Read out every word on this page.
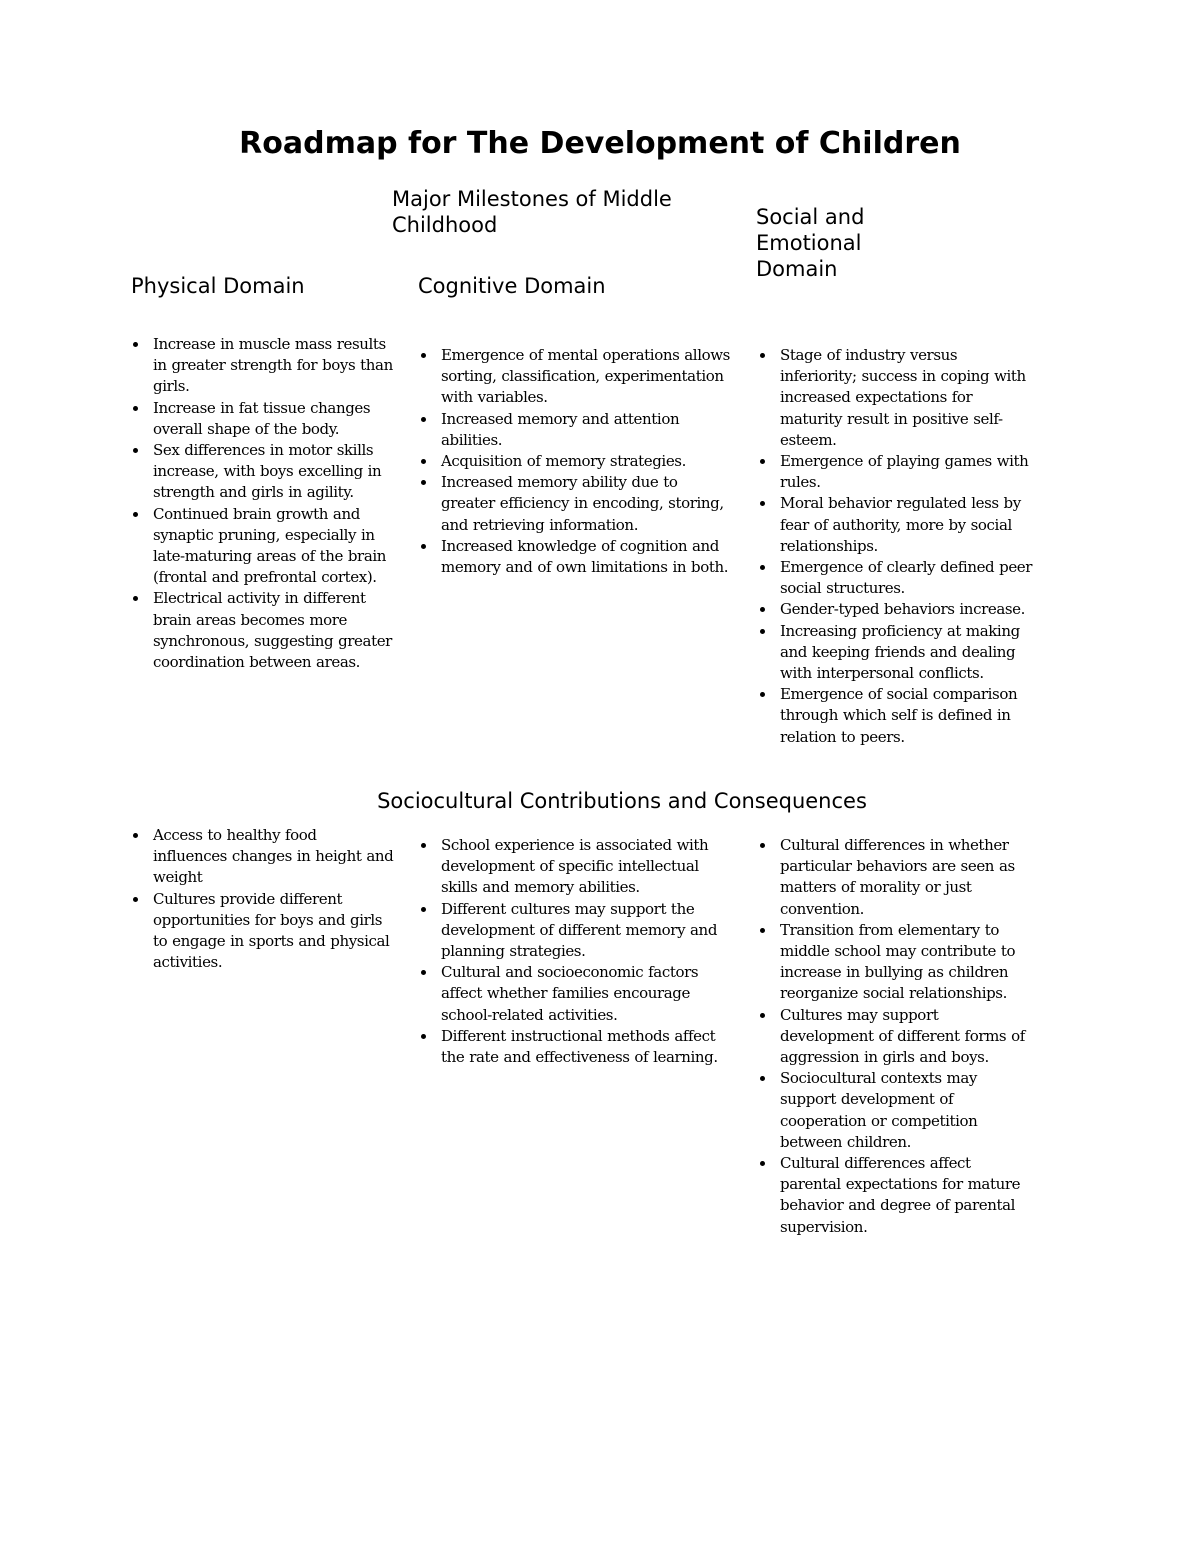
Roadmap for The Development of Children
Major Milestones of Middle Childhood	Social and Emotional Domain
Physical Domain	Cognitive Domain
Increase in muscle mass results in greater strength for boys than girls.
Increase in fat tissue changes overall shape of the body.
Sex differences in motor skills increase, with boys excelling in strength and girls in agility.
Continued brain growth and synaptic pruning, especially in late-maturing areas of the brain (frontal and prefrontal cortex).
Electrical activity in different brain areas becomes more synchronous, suggesting greater coordination between areas.
Emergence of mental operations allows sorting, classification, experimentation with variables.
Increased memory and attention abilities.
Acquisition of memory strategies.
Increased memory ability due to greater efficiency in encoding, storing, and retrieving information.
Increased knowledge of cognition and memory and of own limitations in both.
Stage of industry versus inferiority; success in coping with increased expectations for maturity result in positive self- esteem.
Emergence of playing games with rules.
Moral behavior regulated less by fear of authority, more by social relationships.
Emergence of clearly defined peer social structures.
Gender-typed behaviors increase.
Increasing proficiency at making and keeping friends and dealing with interpersonal conflicts.
Emergence of social comparison through which self is defined in relation to peers.
Sociocultural Contributions and Consequences
Access to healthy food influences changes in height and weight
Cultures provide different opportunities for boys and girls to engage in sports and physical activities.
School experience is associated with development of specific intellectual skills and memory abilities.
Different cultures may support the development of different memory and planning strategies.
Cultural and socioeconomic factors affect whether families encourage school-related activities.
Different instructional methods affect the rate and effectiveness of learning.
Cultural differences in whether particular behaviors are seen as matters of morality or just convention.
Transition from elementary to middle school may contribute to increase in bullying as children reorganize social relationships.
Cultures may support development of different forms of aggression in girls and boys.
Sociocultural contexts may support development of cooperation or competition between children.
Cultural differences affect parental expectations for mature behavior and degree of parental supervision.
